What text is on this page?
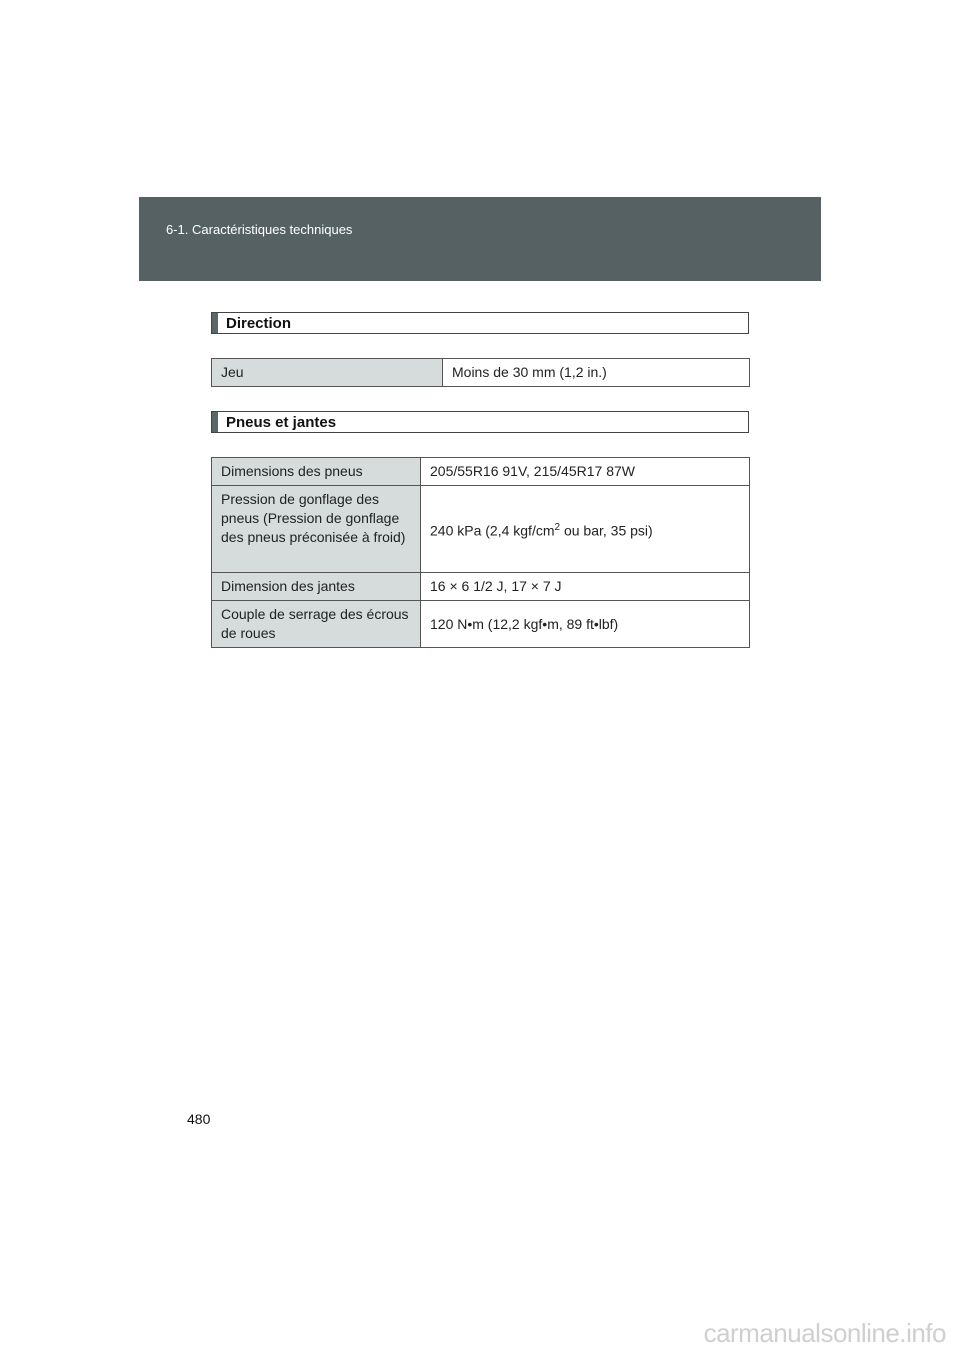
6-1. Caractéristiques techniques
Direction
Jeu	Moins de 30 mm (1,2 in.)
Pneus et jantes
Dimensions des pneus	205/55R16 91V, 215/45R17 87W
Pression de gonflage des pneus (Pression de gonflage des pneus préconisée à froid)	240 kPa (2,4 kgf/$cm^2$ ou bar, 35 psi)
Dimension des jantes	16 × 6 1/2 J, 17 × 7 J
Couple de serrage des écrous de roues	120 N•m (12,2 kgf•m, 89 ft•lbf)
480
carmanualsonline.info
